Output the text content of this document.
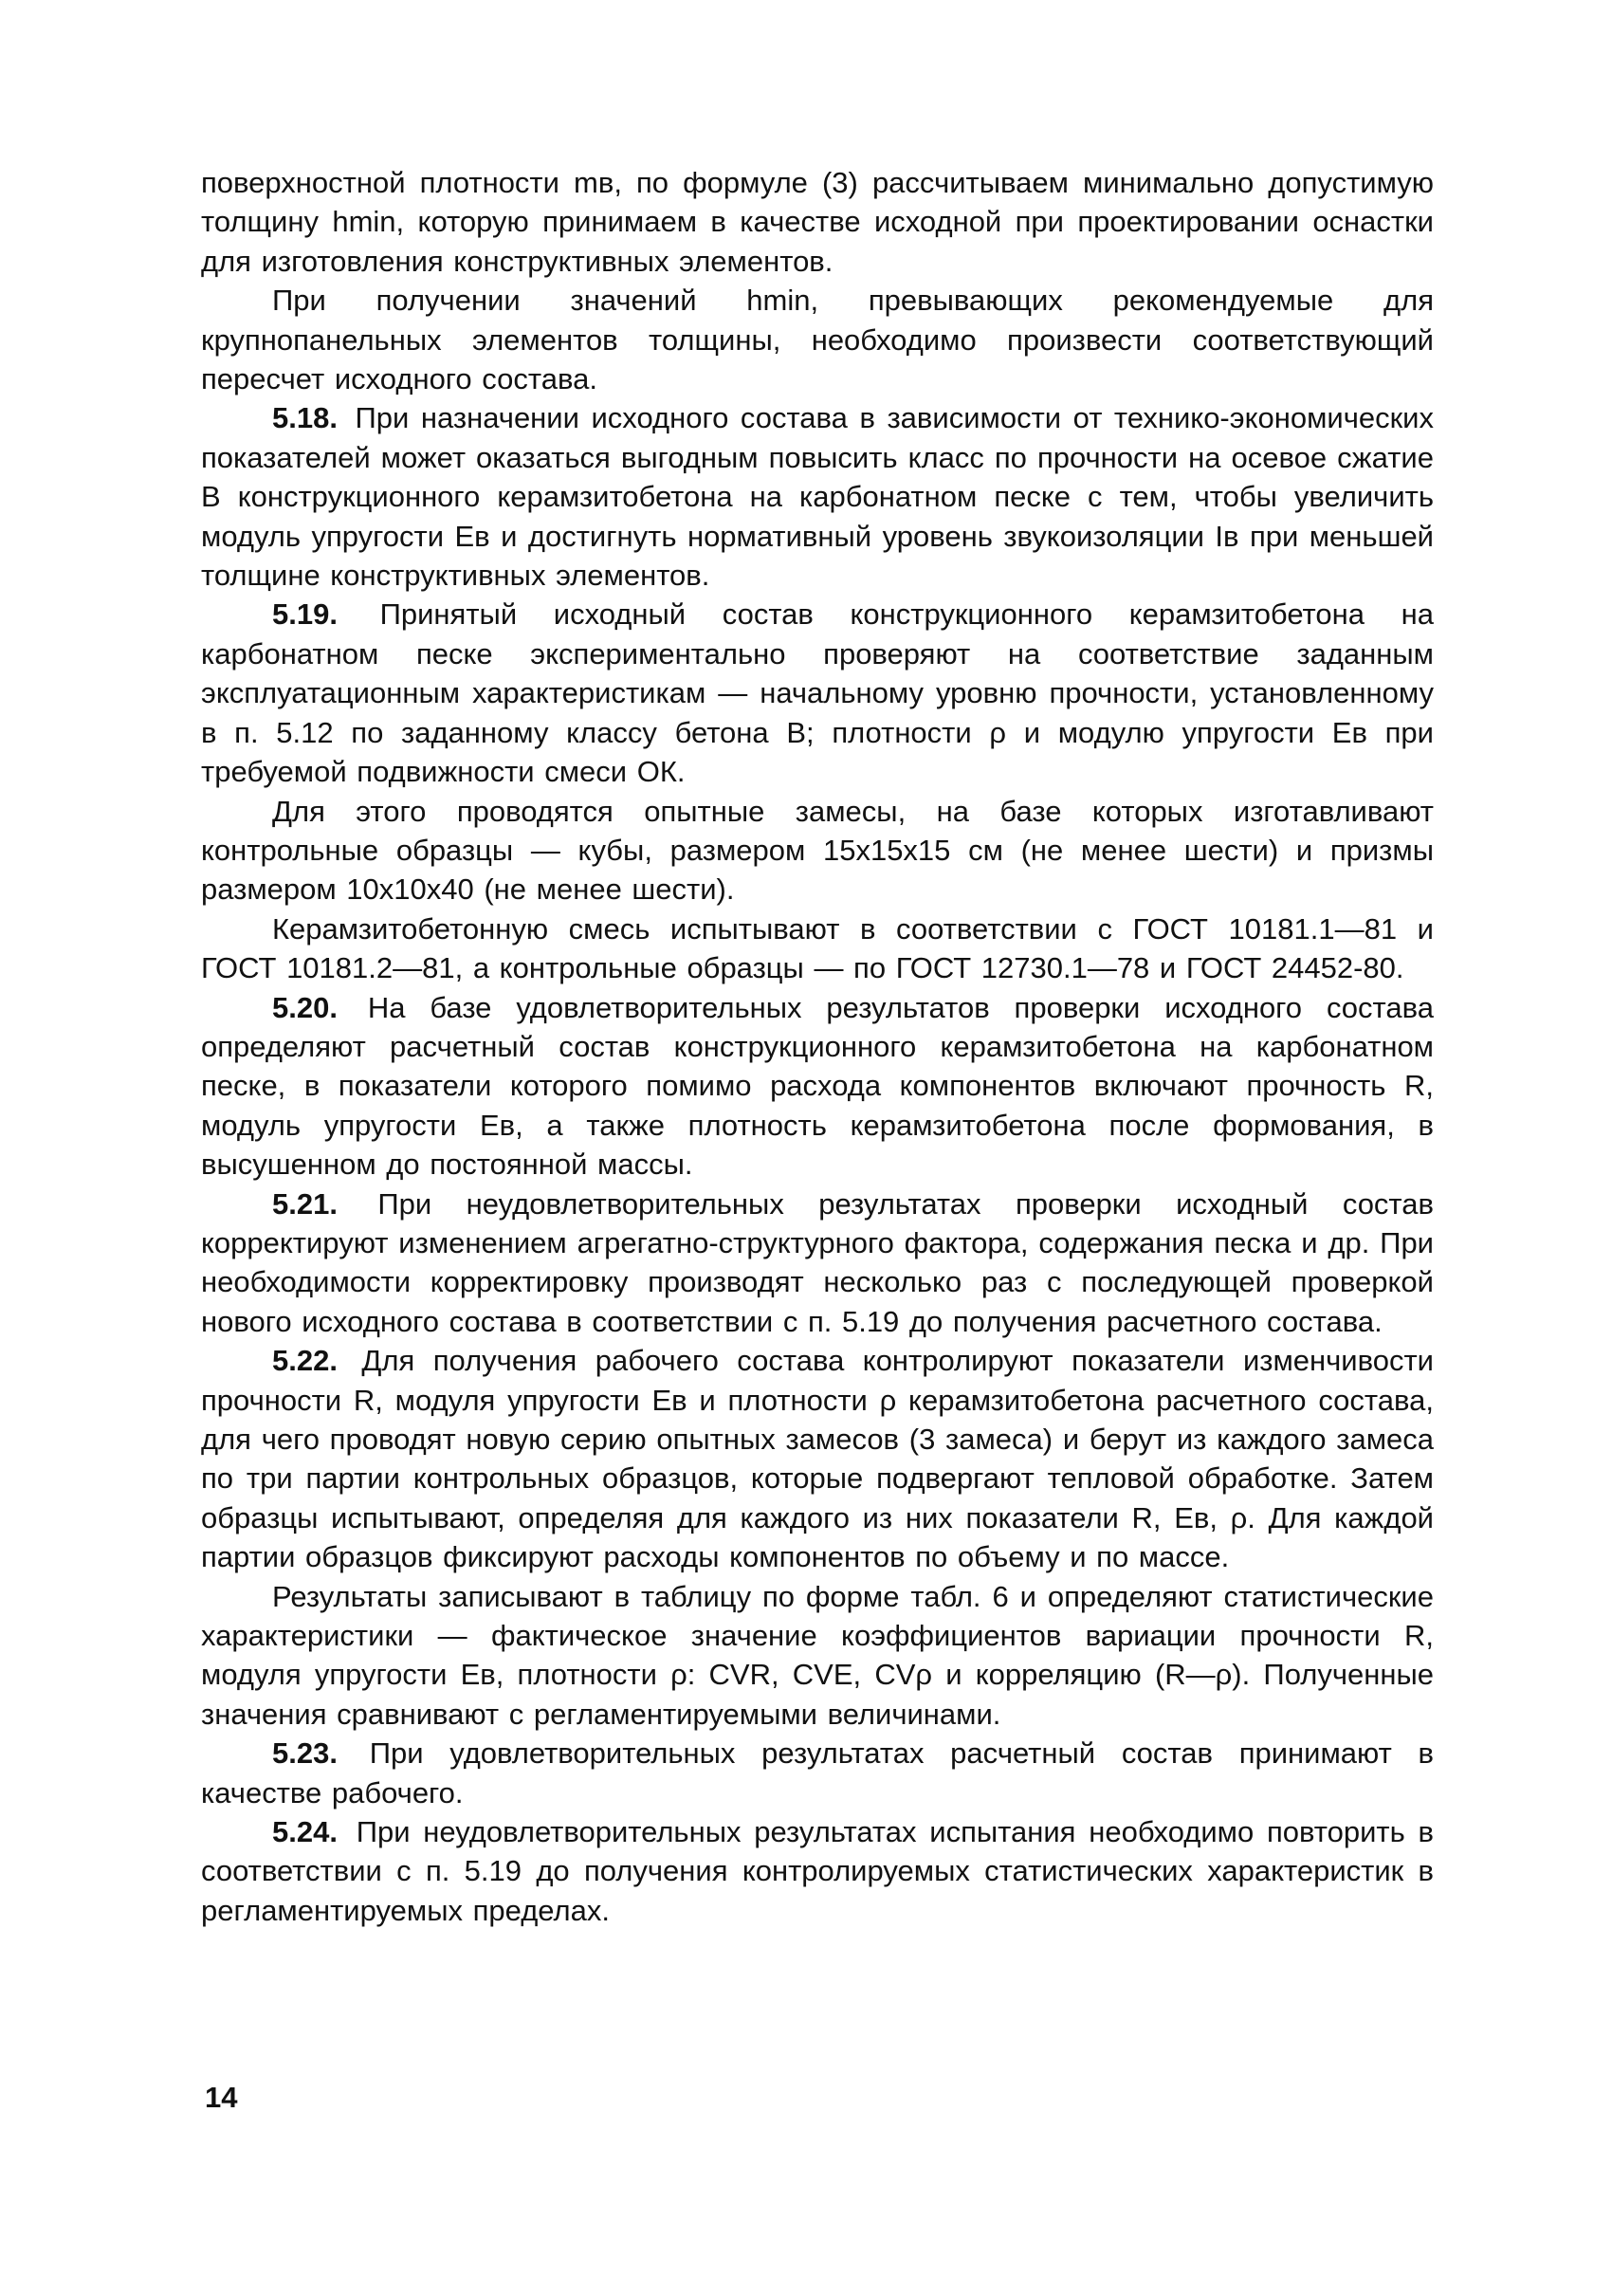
поверхностной плотности mв, по формуле (3) рассчитываем минимально допустимую толщину hmin, которую принимаем в качестве исходной при проектировании оснастки для изготовления конструктивных элементов.

При получении значений hmin, превывающих рекомендуемые для крупнопанельных элементов толщины, необходимо произвести соответствующий пересчет исходного состава.

5.18. При назначении исходного состава в зависимости от технико-экономических показателей может оказаться выгодным повысить класс по прочности на осевое сжатие В конструкционного керамзитобетона на карбонатном песке с тем, чтобы увеличить модуль упругости Eв и достигнуть нормативный уровень звукоизоляции Iв при меньшей толщине конструктивных элементов.

5.19. Принятый исходный состав конструкционного керамзитобетона на карбонатном песке экспериментально проверяют на соответствие заданным эксплуатационным характеристикам — начальному уровню прочности, установленному в п. 5.12 по заданному классу бетона В; плотности ρ и модулю упругости Eв при требуемой подвижности смеси ОК.

Для этого проводятся опытные замесы, на базе которых изготавливают контрольные образцы — кубы, размером 15х15х15 см (не менее шести) и призмы размером 10х10х40 (не менее шести).

Керамзитобетонную смесь испытывают в соответствии с ГОСТ 10181.1—81 и ГОСТ 10181.2—81, а контрольные образцы — по ГОСТ 12730.1—78 и ГОСТ 24452-80.

5.20. На базе удовлетворительных результатов проверки исходного состава определяют расчетный состав конструкционного керамзитобетона на карбонатном песке, в показатели которого помимо расхода компонентов включают прочность R, модуль упругости Eв, а также плотность керамзитобетона после формования, в высушенном до постоянной массы.

5.21. При неудовлетворительных результатах проверки исходный состав корректируют изменением агрегатно-структурного фактора, содержания песка и др. При необходимости корректировку производят несколько раз с последующей проверкой нового исходного состава в соответствии с п. 5.19 до получения расчетного состава.

5.22. Для получения рабочего состава контролируют показатели изменчивости прочности R, модуля упругости Eв и плотности ρ керамзитобетона расчетного состава, для чего проводят новую серию опытных замесов (3 замеса) и берут из каждого замеса по три партии контрольных образцов, которые подвергают тепловой обработке. Затем образцы испытывают, определяя для каждого из них показатели R, Eв, ρ. Для каждой партии образцов фиксируют расходы компонентов по объему и по массе.

Результаты записывают в таблицу по форме табл. 6 и определяют статистические характеристики — фактическое значение коэффициентов вариации прочности R, модуля упругости Eв, плотности ρ: CVR, CVE, CVρ и корреляцию (R—ρ). Полученные значения сравнивают с регламентируемыми величинами.

5.23. При удовлетворительных результатах расчетный состав принимают в качестве рабочего.

5.24. При неудовлетворительных результатах испытания необходимо повторить в соответствии с п. 5.19 до получения контролируемых статистических характеристик в регламентируемых пределах.

14
